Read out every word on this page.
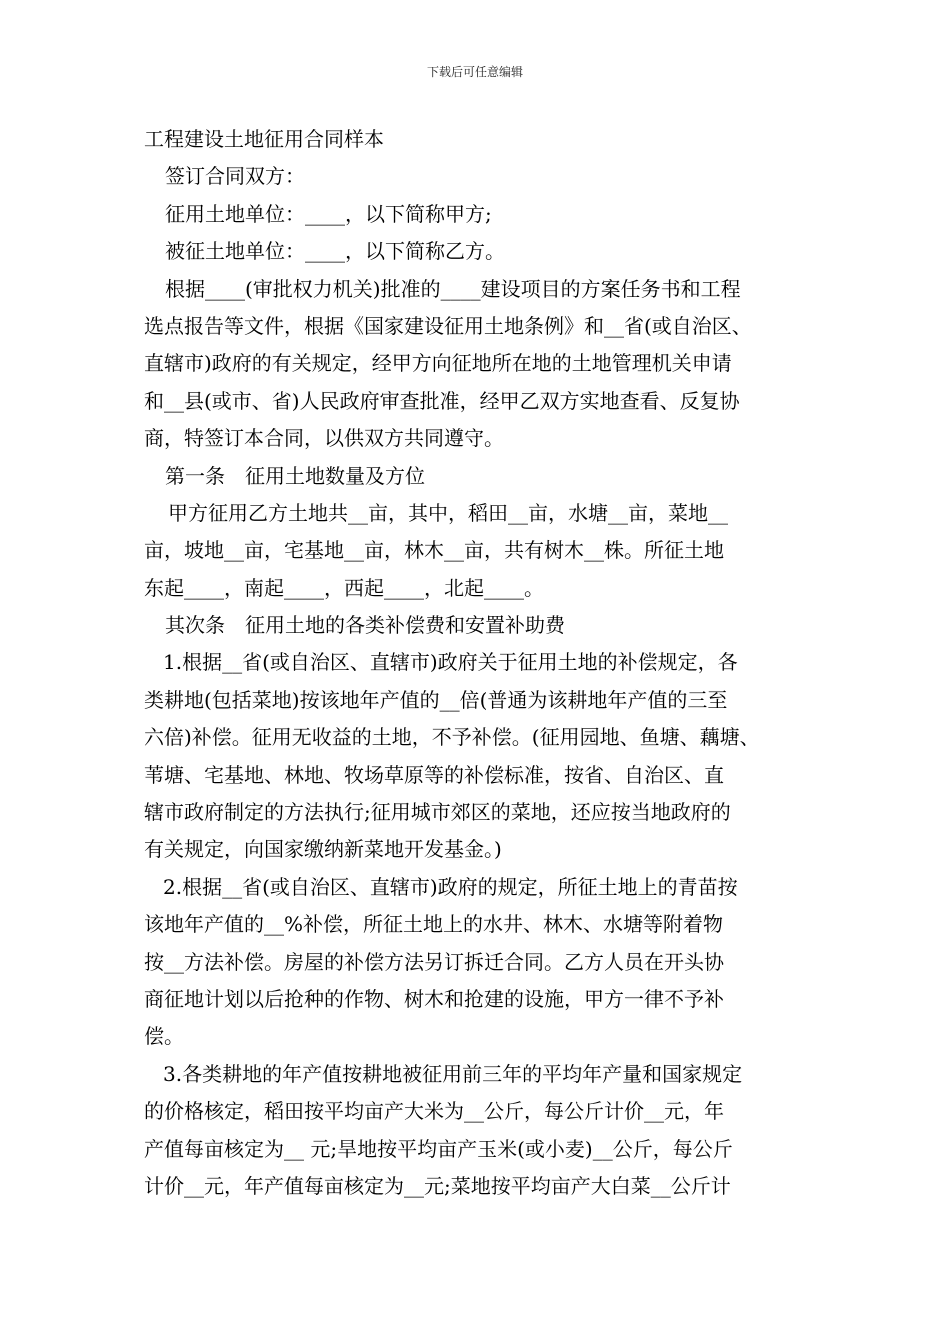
下载后可任意编辑
工程建设土地征用合同样本
签订合同双方：
征用土地单位：____，以下简称甲方;
被征土地单位：____，以下简称乙方。
根据____(审批权力机关)批准的____建设项目的方案任务书和工程
选点报告等文件，根据《国家建设征用土地条例》和__省(或自治区、
直辖市)政府的有关规定，经甲方向征地所在地的土地管理机关申请
和__县(或市、省)人民政府审查批准，经甲乙双方实地查看、反复协
商，特签订本合同，以供双方共同遵守。
第一条　征用土地数量及方位
甲方征用乙方土地共__亩，其中，稻田__亩，水塘__亩，菜地__
亩，坡地__亩，宅基地__亩，林木__亩，共有树木__株。所征土地
东起____，南起____，西起____，北起____。
其次条　征用土地的各类补偿费和安置补助费
1.根据__省(或自治区、直辖市)政府关于征用土地的补偿规定，各
类耕地(包括菜地)按该地年产值的__倍(普通为该耕地年产值的三至
六倍)补偿。征用无收益的土地，不予补偿。(征用园地、鱼塘、藕塘、
苇塘、宅基地、林地、牧场草原等的补偿标准，按省、自治区、直
辖市政府制定的方法执行;征用城市郊区的菜地，还应按当地政府的
有关规定，向国家缴纳新菜地开发基金。)
2.根据__省(或自治区、直辖市)政府的规定，所征土地上的青苗按
该地年产值的__%补偿，所征土地上的水井、林木、水塘等附着物
按__方法补偿。房屋的补偿方法另订拆迁合同。乙方人员在开头协
商征地计划以后抢种的作物、树木和抢建的设施，甲方一律不予补
偿。
3.各类耕地的年产值按耕地被征用前三年的平均年产量和国家规定
的价格核定，稻田按平均亩产大米为__公斤，每公斤计价__元，年
产值每亩核定为__ 元;旱地按平均亩产玉米(或小麦)__公斤，每公斤
计价__元，年产值每亩核定为__元;菜地按平均亩产大白菜__公斤计
